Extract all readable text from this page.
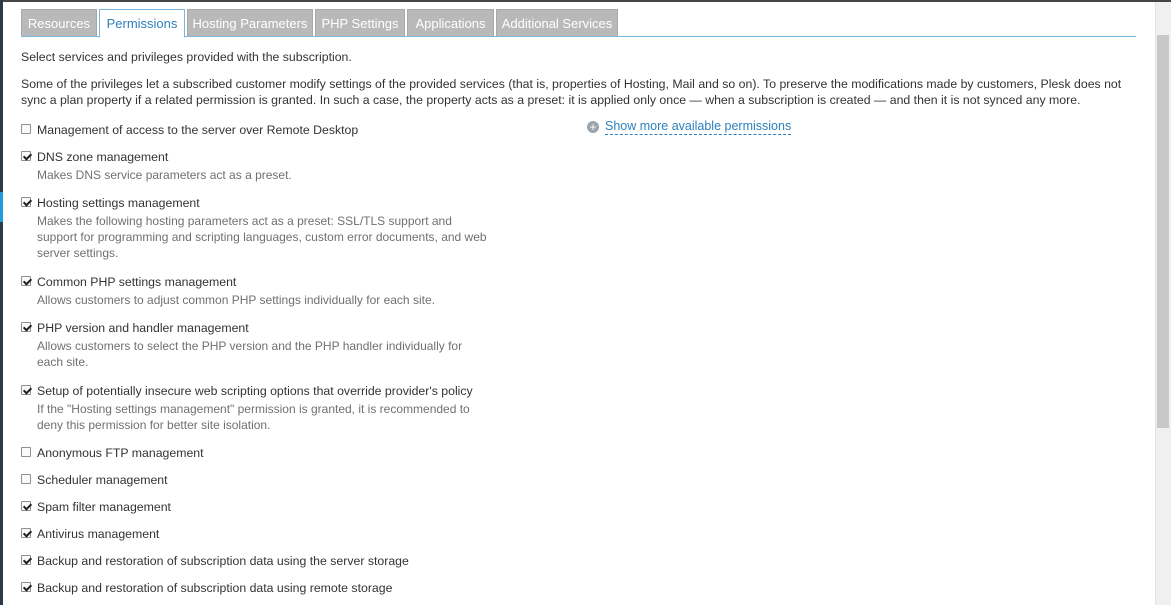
Resources	Permissions	Hosting Parameters	PHP Settings	Applications	Additional Services

Select services and privileges provided with the subscription.

Some of the privileges let a subscribed customer modify settings of the provided services (that is, properties of Hosting, Mail and so on). To preserve the modifications made by customers, Plesk does not sync a plan property if a related permission is granted. In such a case, the property acts as a preset: it is applied only once — when a subscription is created — and then it is not synced any more.

Management of access to the server over Remote Desktop
DNS zone management
Makes DNS service parameters act as a preset.
Hosting settings management
Makes the following hosting parameters act as a preset: SSL/TLS support and support for programming and scripting languages, custom error documents, and web server settings.
Common PHP settings management
Allows customers to adjust common PHP settings individually for each site.
PHP version and handler management
Allows customers to select the PHP version and the PHP handler individually for each site.
Setup of potentially insecure web scripting options that override provider's policy
If the "Hosting settings management" permission is granted, it is recommended to deny this permission for better site isolation.
Anonymous FTP management
Scheduler management
Spam filter management
Antivirus management
Backup and restoration of subscription data using the server storage
Backup and restoration of subscription data using remote storage
+ Show more available permissions
